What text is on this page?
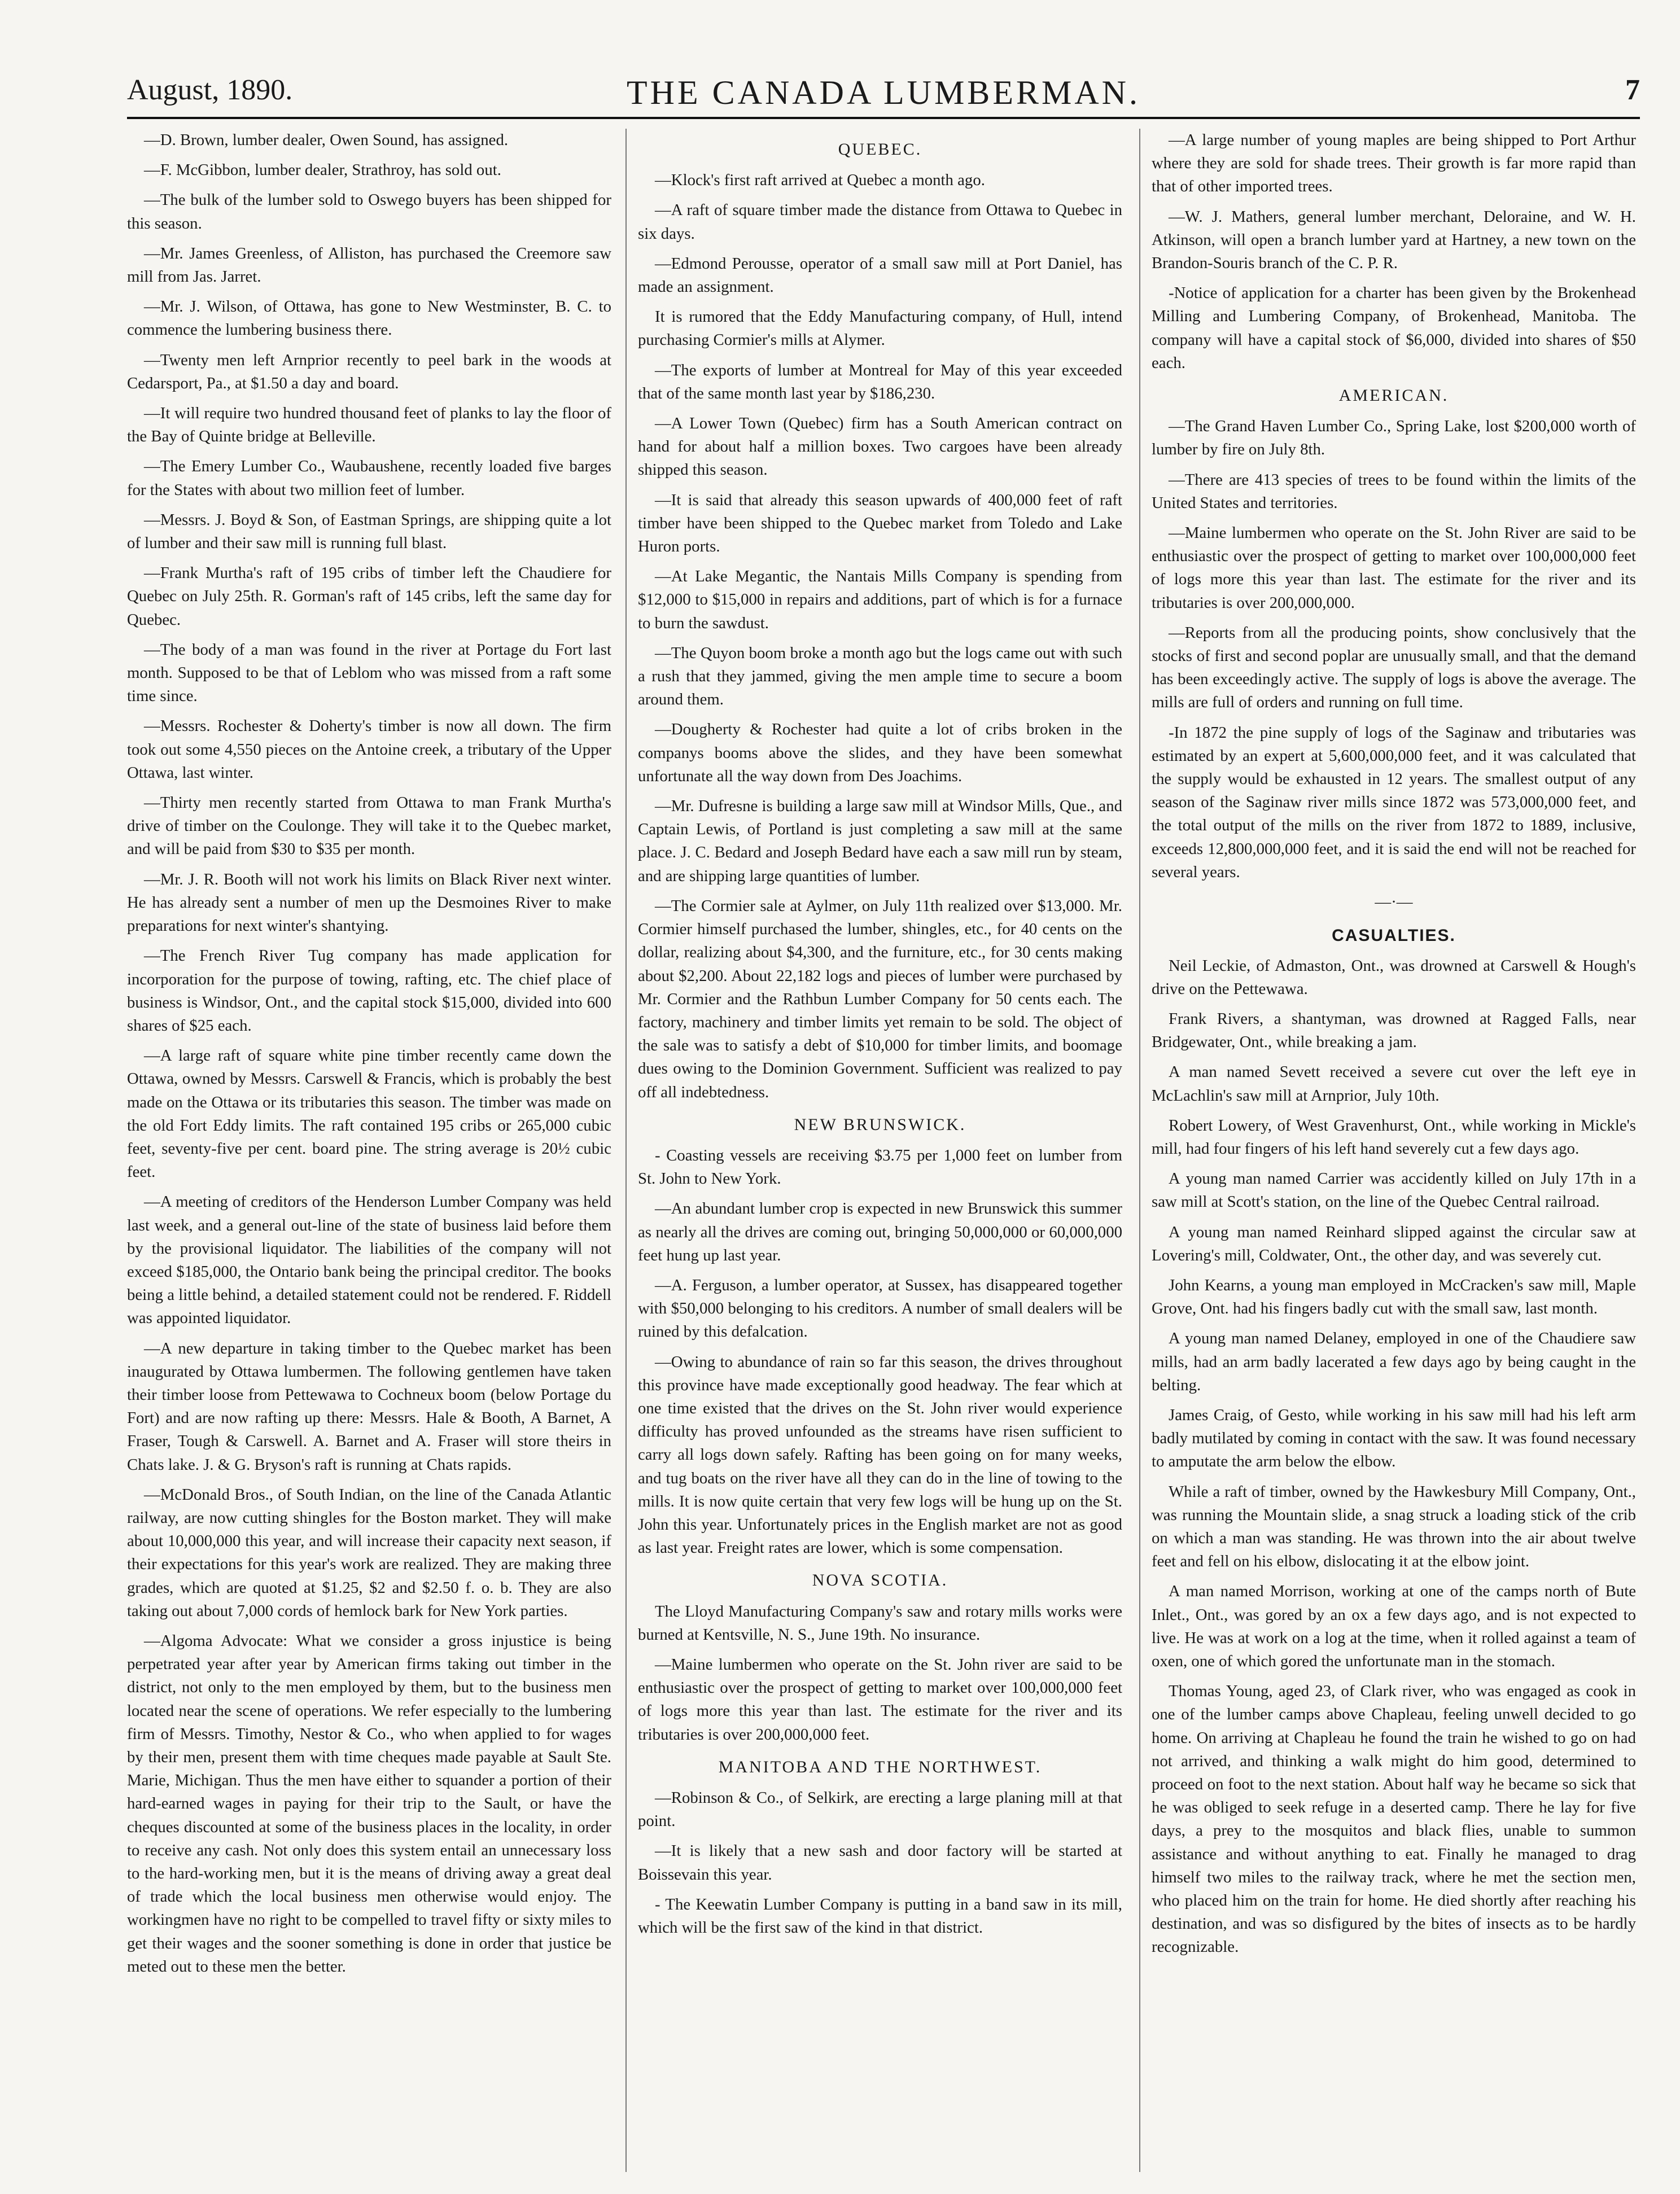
August, 1890.	THE CANADA LUMBERMAN.	7

—D. Brown, lumber dealer, Owen Sound, has assigned.

—F. McGibbon, lumber dealer, Strathroy, has sold out.

—The bulk of the lumber sold to Oswego buyers has been shipped for this season.

—Mr. James Greenless, of Alliston, has purchased the Creemore saw mill from Jas. Jarret.

—Mr. J. Wilson, of Ottawa, has gone to New Westminster, B. C. to commence the lumbering business there.

—Twenty men left Arnprior recently to peel bark in the woods at Cedarsport, Pa., at $1.50 a day and board.

—It will require two hundred thousand feet of planks to lay the floor of the Bay of Quinte bridge at Belleville.

—The Emery Lumber Co., Waubaushene, recently loaded five barges for the States with about two million feet of lumber.

—Messrs. J. Boyd & Son, of Eastman Springs, are shipping quite a lot of lumber and their saw mill is running full blast.

—Frank Murtha's raft of 195 cribs of timber left the Chaudiere for Quebec on July 25th. R. Gorman's raft of 145 cribs, left the same day for Quebec.

—The body of a man was found in the river at Portage du Fort last month. Supposed to be that of Leblom who was missed from a raft some time since.

—Messrs. Rochester & Doherty's timber is now all down. The firm took out some 4,550 pieces on the Antoine creek, a tributary of the Upper Ottawa, last winter.

—Thirty men recently started from Ottawa to man Frank Murtha's drive of timber on the Coulonge. They will take it to the Quebec market, and will be paid from $30 to $35 per month.

—Mr. J. R. Booth will not work his limits on Black River next winter. He has already sent a number of men up the Desmoines River to make preparations for next winter's shantying.

—The French River Tug company has made application for incorporation for the purpose of towing, rafting, etc. The chief place of business is Windsor, Ont., and the capital stock $15,000, divided into 600 shares of $25 each.

—A large raft of square white pine timber recently came down the Ottawa, owned by Messrs. Carswell & Francis, which is probably the best made on the Ottawa or its tributaries this season. The timber was made on the old Fort Eddy limits. The raft contained 195 cribs or 265,000 cubic feet, seventy-five per cent. board pine. The string average is 20½ cubic feet.

—A meeting of creditors of the Henderson Lumber Company was held last week, and a general out-line of the state of business laid before them by the provisional liquidator. The liabilities of the company will not exceed $185,000, the Ontario bank being the principal creditor. The books being a little behind, a detailed statement could not be rendered. F. Riddell was appointed liquidator.

—A new departure in taking timber to the Quebec market has been inaugurated by Ottawa lumbermen. The following gentlemen have taken their timber loose from Pettewawa to Cochneux boom (below Portage du Fort) and are now rafting up there: Messrs. Hale & Booth, A Barnet, A Fraser, Tough & Carswell. A. Barnet and A. Fraser will store theirs in Chats lake. J. & G. Bryson's raft is running at Chats rapids.

—McDonald Bros., of South Indian, on the line of the Canada Atlantic railway, are now cutting shingles for the Boston market. They will make about 10,000,000 this year, and will increase their capacity next season, if their expectations for this year's work are realized. They are making three grades, which are quoted at $1.25, $2 and $2.50 f. o. b. They are also taking out about 7,000 cords of hemlock bark for New York parties.

—Algoma Advocate: What we consider a gross injustice is being perpetrated year after year by American firms taking out timber in the district, not only to the men employed by them, but to the business men located near the scene of operations. We refer especially to the lumbering firm of Messrs. Timothy, Nestor & Co., who when applied to for wages by their men, present them with time cheques made payable at Sault Ste. Marie, Michigan. Thus the men have either to squander a portion of their hard-earned wages in paying for their trip to the Sault, or have the cheques discounted at some of the business places in the locality, in order to receive any cash. Not only does this system entail an unnecessary loss to the hard-working men, but it is the means of driving away a great deal of trade which the local business men otherwise would enjoy. The workingmen have no right to be compelled to travel fifty or sixty miles to get their wages and the sooner something is done in order that justice be meted out to these men the better.

QUEBEC.

—Klock's first raft arrived at Quebec a month ago.

—A raft of square timber made the distance from Ottawa to Quebec in six days.

—Edmond Perousse, operator of a small saw mill at Port Daniel, has made an assignment.

It is rumored that the Eddy Manufacturing company, of Hull, intend purchasing Cormier's mills at Alymer.

—The exports of lumber at Montreal for May of this year exceeded that of the same month last year by $186,230.

—A Lower Town (Quebec) firm has a South American contract on hand for about half a million boxes. Two cargoes have been already shipped this season.

—It is said that already this season upwards of 400,000 feet of raft timber have been shipped to the Quebec market from Toledo and Lake Huron ports.

—At Lake Megantic, the Nantais Mills Company is spending from $12,000 to $15,000 in repairs and additions, part of which is for a furnace to burn the sawdust.

—The Quyon boom broke a month ago but the logs came out with such a rush that they jammed, giving the men ample time to secure a boom around them.

—Dougherty & Rochester had quite a lot of cribs broken in the companys booms above the slides, and they have been somewhat unfortunate all the way down from Des Joachims.

—Mr. Dufresne is building a large saw mill at Windsor Mills, Que., and Captain Lewis, of Portland is just completing a saw mill at the same place. J. C. Bedard and Joseph Bedard have each a saw mill run by steam, and are shipping large quantities of lumber.

—The Cormier sale at Aylmer, on July 11th realized over $13,000. Mr. Cormier himself purchased the lumber, shingles, etc., for 40 cents on the dollar, realizing about $4,300, and the furniture, etc., for 30 cents making about $2,200. About 22,182 logs and pieces of lumber were purchased by Mr. Cormier and the Rathbun Lumber Company for 50 cents each. The factory, machinery and timber limits yet remain to be sold. The object of the sale was to satisfy a debt of $10,000 for timber limits, and boomage dues owing to the Dominion Government. Sufficient was realized to pay off all indebtedness.

NEW BRUNSWICK.

- Coasting vessels are receiving $3.75 per 1,000 feet on lumber from St. John to New York.

—An abundant lumber crop is expected in new Brunswick this summer as nearly all the drives are coming out, bringing 50,000,000 or 60,000,000 feet hung up last year.

—A. Ferguson, a lumber operator, at Sussex, has disappeared together with $50,000 belonging to his creditors. A number of small dealers will be ruined by this defalcation.

—Owing to abundance of rain so far this season, the drives throughout this province have made exceptionally good headway. The fear which at one time existed that the drives on the St. John river would experience difficulty has proved unfounded as the streams have risen sufficient to carry all logs down safely. Rafting has been going on for many weeks, and tug boats on the river have all they can do in the line of towing to the mills. It is now quite certain that very few logs will be hung up on the St. John this year. Unfortunately prices in the English market are not as good as last year. Freight rates are lower, which is some compensation.

NOVA SCOTIA.

The Lloyd Manufacturing Company's saw and rotary mills works were burned at Kentsville, N. S., June 19th. No insurance.

—Maine lumbermen who operate on the St. John river are said to be enthusiastic over the prospect of getting to market over 100,000,000 feet of logs more this year than last. The estimate for the river and its tributaries is over 200,000,000 feet.

MANITOBA AND THE NORTHWEST.

—Robinson & Co., of Selkirk, are erecting a large planing mill at that point.

—It is likely that a new sash and door factory will be started at Boissevain this year.

- The Keewatin Lumber Company is putting in a band saw in its mill, which will be the first saw of the kind in that district.

—A large number of young maples are being shipped to Port Arthur where they are sold for shade trees. Their growth is far more rapid than that of other imported trees.

—W. J. Mathers, general lumber merchant, Deloraine, and W. H. Atkinson, will open a branch lumber yard at Hartney, a new town on the Brandon-Souris branch of the C. P. R.

-Notice of application for a charter has been given by the Brokenhead Milling and Lumbering Company, of Brokenhead, Manitoba. The company will have a capital stock of $6,000, divided into shares of $50 each.

AMERICAN.

—The Grand Haven Lumber Co., Spring Lake, lost $200,000 worth of lumber by fire on July 8th.

—There are 413 species of trees to be found within the limits of the United States and territories.

—Maine lumbermen who operate on the St. John River are said to be enthusiastic over the prospect of getting to market over 100,000,000 feet of logs more this year than last. The estimate for the river and its tributaries is over 200,000,000.

—Reports from all the producing points, show conclusively that the stocks of first and second poplar are unusually small, and that the demand has been exceedingly active. The supply of logs is above the average. The mills are full of orders and running on full time.

-In 1872 the pine supply of logs of the Saginaw and tributaries was estimated by an expert at 5,600,000,000 feet, and it was calculated that the supply would be exhausted in 12 years. The smallest output of any season of the Saginaw river mills since 1872 was 573,000,000 feet, and the total output of the mills on the river from 1872 to 1889, inclusive, exceeds 12,800,000,000 feet, and it is said the end will not be reached for several years.

—·—
CASUALTIES.

Neil Leckie, of Admaston, Ont., was drowned at Carswell & Hough's drive on the Pettewawa.

Frank Rivers, a shantyman, was drowned at Ragged Falls, near Bridgewater, Ont., while breaking a jam.

A man named Sevett received a severe cut over the left eye in McLachlin's saw mill at Arnprior, July 10th.

Robert Lowery, of West Gravenhurst, Ont., while working in Mickle's mill, had four fingers of his left hand severely cut a few days ago.

A young man named Carrier was accidently killed on July 17th in a saw mill at Scott's station, on the line of the Quebec Central railroad.

A young man named Reinhard slipped against the circular saw at Lovering's mill, Coldwater, Ont., the other day, and was severely cut.

John Kearns, a young man employed in McCracken's saw mill, Maple Grove, Ont. had his fingers badly cut with the small saw, last month.

A young man named Delaney, employed in one of the Chaudiere saw mills, had an arm badly lacerated a few days ago by being caught in the belting.

James Craig, of Gesto, while working in his saw mill had his left arm badly mutilated by coming in contact with the saw. It was found necessary to amputate the arm below the elbow.

While a raft of timber, owned by the Hawkesbury Mill Company, Ont., was running the Mountain slide, a snag struck a loading stick of the crib on which a man was standing. He was thrown into the air about twelve feet and fell on his elbow, dislocating it at the elbow joint.

A man named Morrison, working at one of the camps north of Bute Inlet., Ont., was gored by an ox a few days ago, and is not expected to live. He was at work on a log at the time, when it rolled against a team of oxen, one of which gored the unfortunate man in the stomach.

Thomas Young, aged 23, of Clark river, who was engaged as cook in one of the lumber camps above Chapleau, feeling unwell decided to go home. On arriving at Chapleau he found the train he wished to go on had not arrived, and thinking a walk might do him good, determined to proceed on foot to the next station. About half way he became so sick that he was obliged to seek refuge in a deserted camp. There he lay for five days, a prey to the mosquitos and black flies, unable to summon assistance and without anything to eat. Finally he managed to drag himself two miles to the railway track, where he met the section men, who placed him on the train for home. He died shortly after reaching his destination, and was so disfigured by the bites of insects as to be hardly recognizable.
